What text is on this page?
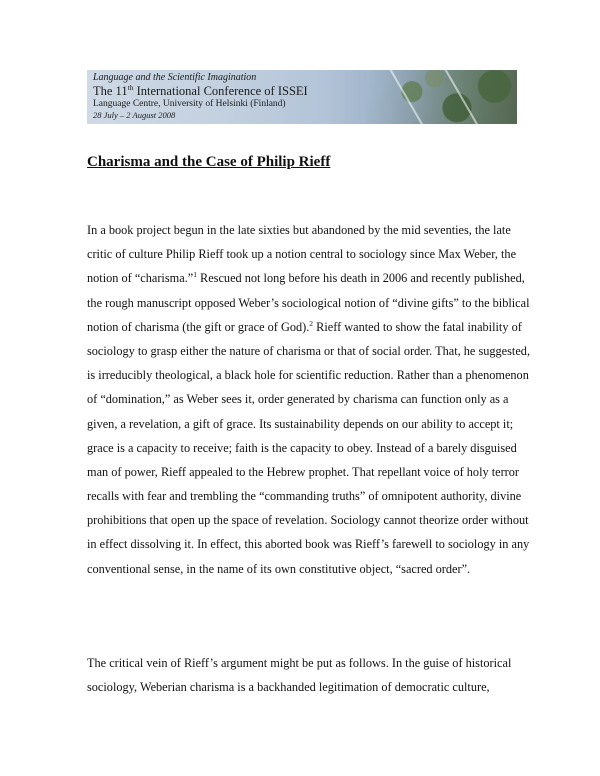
Language and the Scientific Imagination
The 11th International Conference of ISSEI
Language Centre, University of Helsinki (Finland)
28 July – 2 August 2008
Charisma and the Case of Philip Rieff
In a book project begun in the late sixties but abandoned by the mid seventies, the late
critic of culture Philip Rieff took up a notion central to sociology since Max Weber, the
notion of “charisma.”$^1$ Rescued not long before his death in 2006 and recently published,
the rough manuscript opposed Weber’s sociological notion of “divine gifts” to the biblical
notion of charisma (the gift or grace of God).$^2$ Rieff wanted to show the fatal inability of
sociology to grasp either the nature of charisma or that of social order. That, he suggested,
is irreducibly theological, a black hole for scientific reduction. Rather than a phenomenon
of “domination,” as Weber sees it, order generated by charisma can function only as a
given, a revelation, a gift of grace. Its sustainability depends on our ability to accept it;
grace is a capacity to receive; faith is the capacity to obey. Instead of a barely disguised
man of power, Rieff appealed to the Hebrew prophet. That repellant voice of holy terror
recalls with fear and trembling the “commanding truths” of omnipotent authority, divine
prohibitions that open up the space of revelation. Sociology cannot theorize order without
in effect dissolving it. In effect, this aborted book was Rieff’s farewell to sociology in any
conventional sense, in the name of its own constitutive object, “sacred order”.
The critical vein of Rieff’s argument might be put as follows. In the guise of historical
sociology, Weberian charisma is a backhanded legitimation of democratic culture,
